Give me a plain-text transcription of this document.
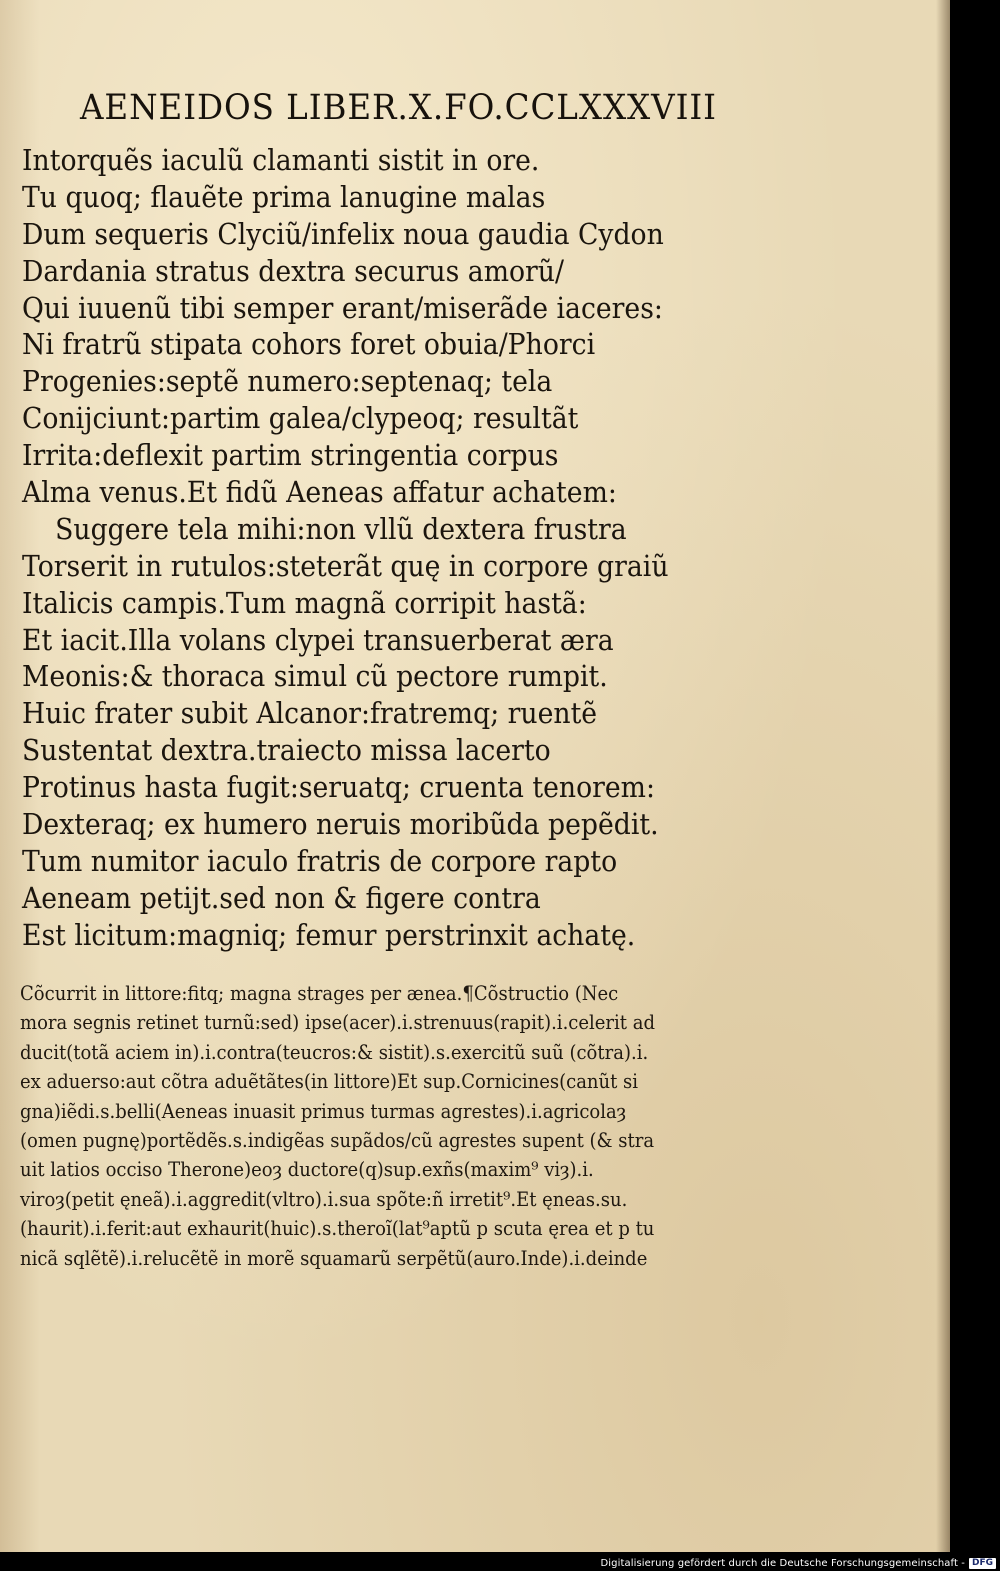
AENEIDOS LIBER.X.FO.CCLXXXVIII
Intorquẽs iaculũ clamanti sistit in ore.
Tu quoq; flauẽte prima lanugine malas
Dum sequeris Clyciũ/infelix noua gaudia Cydon
Dardania stratus dextra securus amorũ/
Qui iuuenũ tibi semper erant/miserãde iaceres:
Ni fratrũ stipata cohors foret obuia/Phorci
Progenies:septẽ numero:septenaq; tela
Conijciunt:partim galea/clypeoq; resultãt
Irrita:deflexit partim stringentia corpus
Alma venus.Et fidũ Aeneas affatur achatem:
Suggere tela mihi:non vllũ dextera frustra
Torserit in rutulos:steterãt quę in corpore graiũ
Italicis campis.Tum magnã corripit hastã:
Et iacit.Illa volans clypei transuerberat æra
Meonis:& thoraca simul cũ pectore rumpit.
Huic frater subit Alcanor:fratremq; ruentẽ
Sustentat dextra.traiecto missa lacerto
Protinus hasta fugit:seruatq; cruenta tenorem:
Dexteraq; ex humero neruis moribũda pepẽdit.
Tum numitor iaculo fratris de corpore rapto
Aeneam petijt.sed non & figere contra
Est licitum:magniq; femur perstrinxit achatę.
Cõcurrit in littore:fitq; magna strages per ænea.¶Cõstructio (Nec
mora segnis retinet turnũ:sed) ipse(acer).i.strenuus(rapit).i.celerit ad
ducit(totã aciem in).i.contra(teucros:& sistit).s.exercitũ suũ (cõtra).i.
ex aduerso:aut cõtra aduẽtãtes(in littore)Et sup.Cornicines(canũt si
gna)iẽdi.s.belli(Aeneas inuasit primus turmas agrestes).i.agricolaȝ
(omen pugnę)portẽdẽs.s.indigẽas supãdos/cũ agrestes supent (& stra
uit latios occiso Therone)eoȝ ductore(q)sup.exñs(maxim⁹ viȝ).i.
viroȝ(petit ęneã).i.aggredit(vltro).i.sua spõte:ñ irretit⁹.Et ęneas.su.
(haurit).i.ferit:aut exhaurit(huic).s.theroĩ(lat⁹aptũ p scuta ęrea et p tu
nicã sqlẽtẽ).i.relucẽtẽ in morẽ squamarũ serpẽtũ(auro.Inde).i.deinde
Digitalisierung gefördert durch die Deutsche Forschungsgemeinschaft - DFG
